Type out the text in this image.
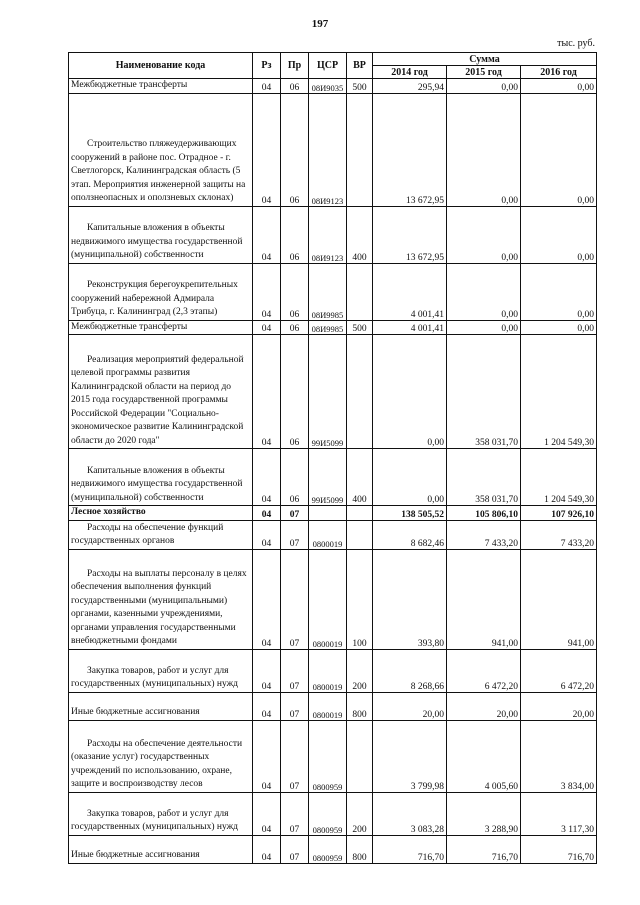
197
тыс. руб.
Наименование кода	Рз	Пр	ЦСР	ВР	Сумма		
					2014 год	2015 год	2016 год
Межбюджетные трансферты	04	06	08И9035	500	295,94	0,00	0,00
Строительство пляжеудерживающих сооружений в районе пос. Отрадное - г. Светлогорск, Калининградская область (5 этап. Мероприятия инженерной защиты на оползнеопасных и оползневых склонах)	04	06	08И9123		13 672,95	0,00	0,00
Капитальные вложения в объекты недвижимого имущества государственной (муниципальной) собственности	04	06	08И9123	400	13 672,95	0,00	0,00
Реконструкция берегоукрепительных сооружений набережной Адмирала Трибуца, г. Калининград (2,3 этапы)	04	06	08И9985		4 001,41	0,00	0,00
Межбюджетные трансферты	04	06	08И9985	500	4 001,41	0,00	0,00
Реализация мероприятий федеральной целевой программы развития Калининградской области на период до 2015 года государственной программы Российской Федерации "Социально-экономическое развитие Калининградской области до 2020 года"	04	06	99И5099		0,00	358 031,70	1 204 549,30
Капитальные вложения в объекты недвижимого имущества государственной (муниципальной) собственности	04	06	99И5099	400	0,00	358 031,70	1 204 549,30
Лесное хозяйство	04	07			138 505,52	105 806,10	107 926,10
Расходы на обеспечение функций государственных органов	04	07	0800019		8 682,46	7 433,20	7 433,20
Расходы на выплаты персоналу в целях обеспечения выполнения функций государственными (муниципальными) органами, казенными учреждениями, органами управления государственными внебюджетными фондами	04	07	0800019	100	393,80	941,00	941,00
Закупка товаров, работ и услуг для государственных (муниципальных) нужд	04	07	0800019	200	8 268,66	6 472,20	6 472,20
Иные бюджетные ассигнования	04	07	0800019	800	20,00	20,00	20,00
Расходы на обеспечение деятельности (оказание услуг) государственных учреждений по использованию, охране, защите и воспроизводству лесов	04	07	0800959		3 799,98	4 005,60	3 834,00
Закупка товаров, работ и услуг для государственных (муниципальных) нужд	04	07	0800959	200	3 083,28	3 288,90	3 117,30
Иные бюджетные ассигнования	04	07	0800959	800	716,70	716,70	716,70
